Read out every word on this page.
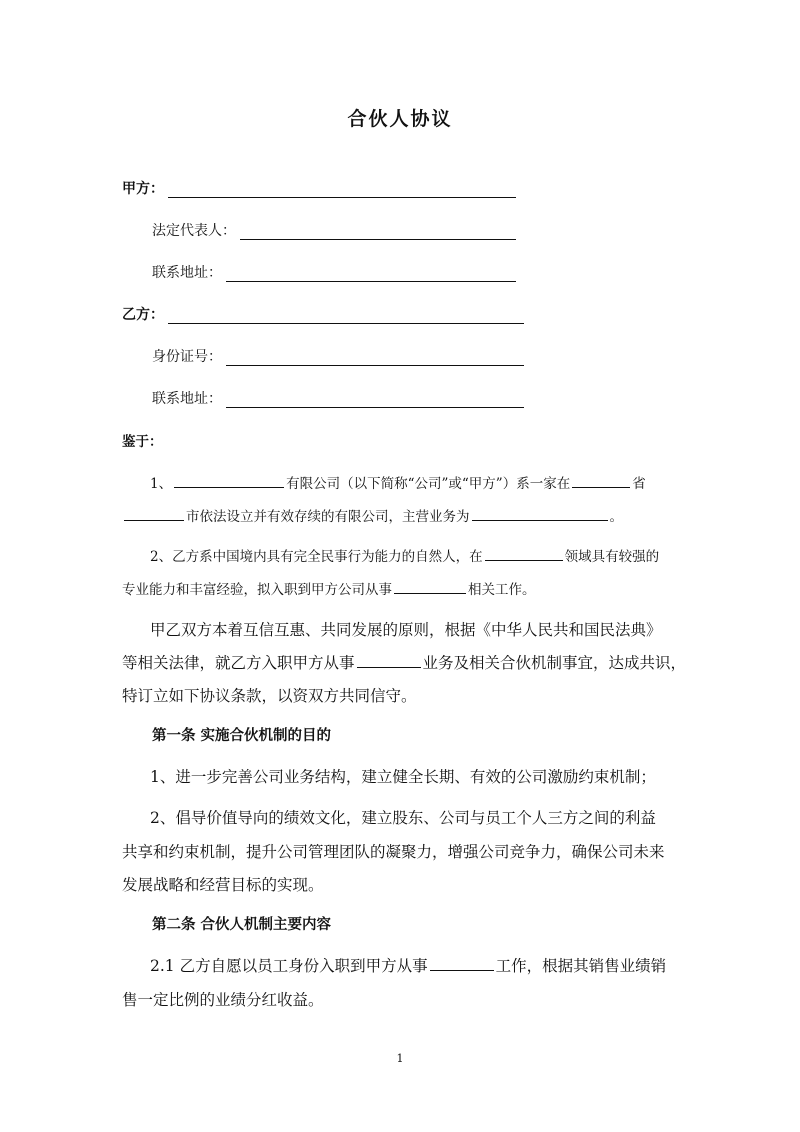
合伙人协议
甲方：
法定代表人：
联系地址：
乙方：
身份证号：
联系地址：
鉴于：
1、	有限公司（以下简称“公司”或“甲方”）系一家在	省
市依法设立并有效存续的有限公司，主营业务为	。
2、乙方系中国境内具有完全民事行为能力的自然人，在	领域具有较强的
专业能力和丰富经验，拟入职到甲方公司从事	相关工作。
甲乙双方本着互信互惠、共同发展的原则，根据《中华人民共和国民法典》
等相关法律，就乙方入职甲方从事	业务及相关合伙机制事宜，达成共识，
特订立如下协议条款，以资双方共同信守。
第一条 实施合伙机制的目的
1、进一步完善公司业务结构，建立健全长期、有效的公司激励约束机制；
2、倡导价值导向的绩效文化，建立股东、公司与员工个人三方之间的利益
共享和约束机制，提升公司管理团队的凝聚力，增强公司竞争力，确保公司未来
发展战略和经营目标的实现。
第二条 合伙人机制主要内容
2.1 乙方自愿以员工身份入职到甲方从事	工作，根据其销售业绩销
售一定比例的业绩分红收益。
1
